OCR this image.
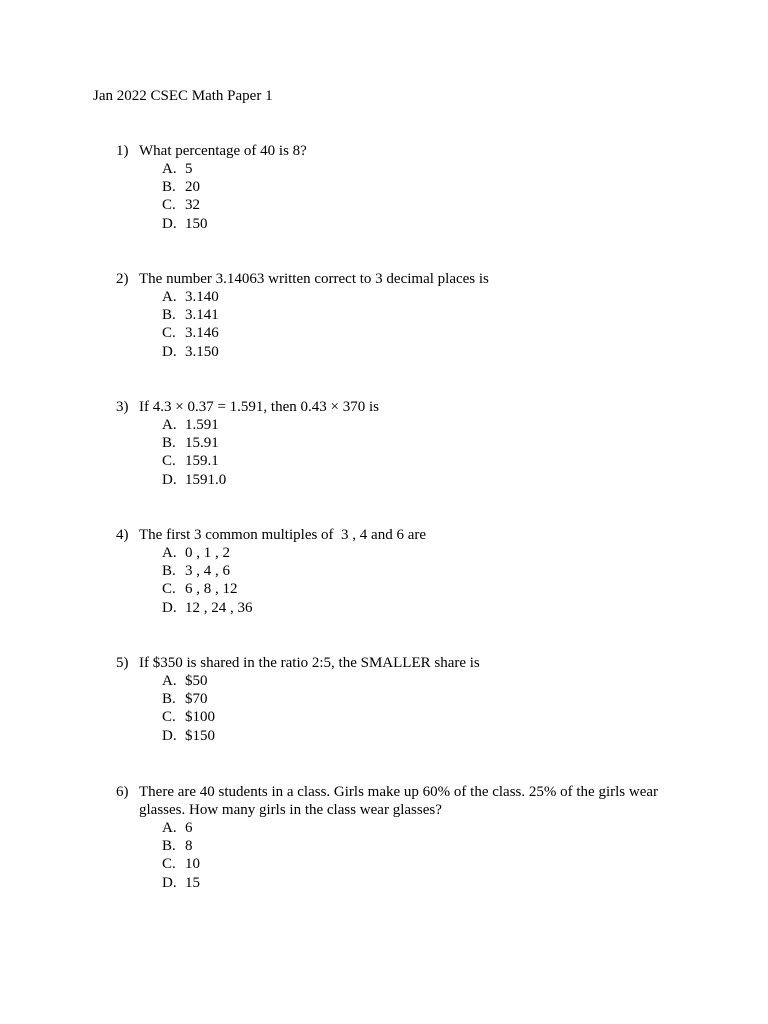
Jan 2022 CSEC Math Paper 1
1) What percentage of 40 is 8?
A. 5
B. 20
C. 32
D. 150
2) The number 3.14063 written correct to 3 decimal places is
A. 3.140
B. 3.141
C. 3.146
D. 3.150
3) If 4.3 × 0.37 = 1.591, then 0.43 × 370 is
A. 1.591
B. 15.91
C. 159.1
D. 1591.0
4) The first 3 common multiples of  3 , 4 and 6 are
A. 0 , 1 , 2
B. 3 , 4 , 6
C. 6 , 8 , 12
D. 12 , 24 , 36
5) If $350 is shared in the ratio 2:5, the SMALLER share is
A. $50
B. $70
C. $100
D. $150
6) There are 40 students in a class. Girls make up 60% of the class. 25% of the girls wear
glasses. How many girls in the class wear glasses?
A. 6
B. 8
C. 10
D. 15
